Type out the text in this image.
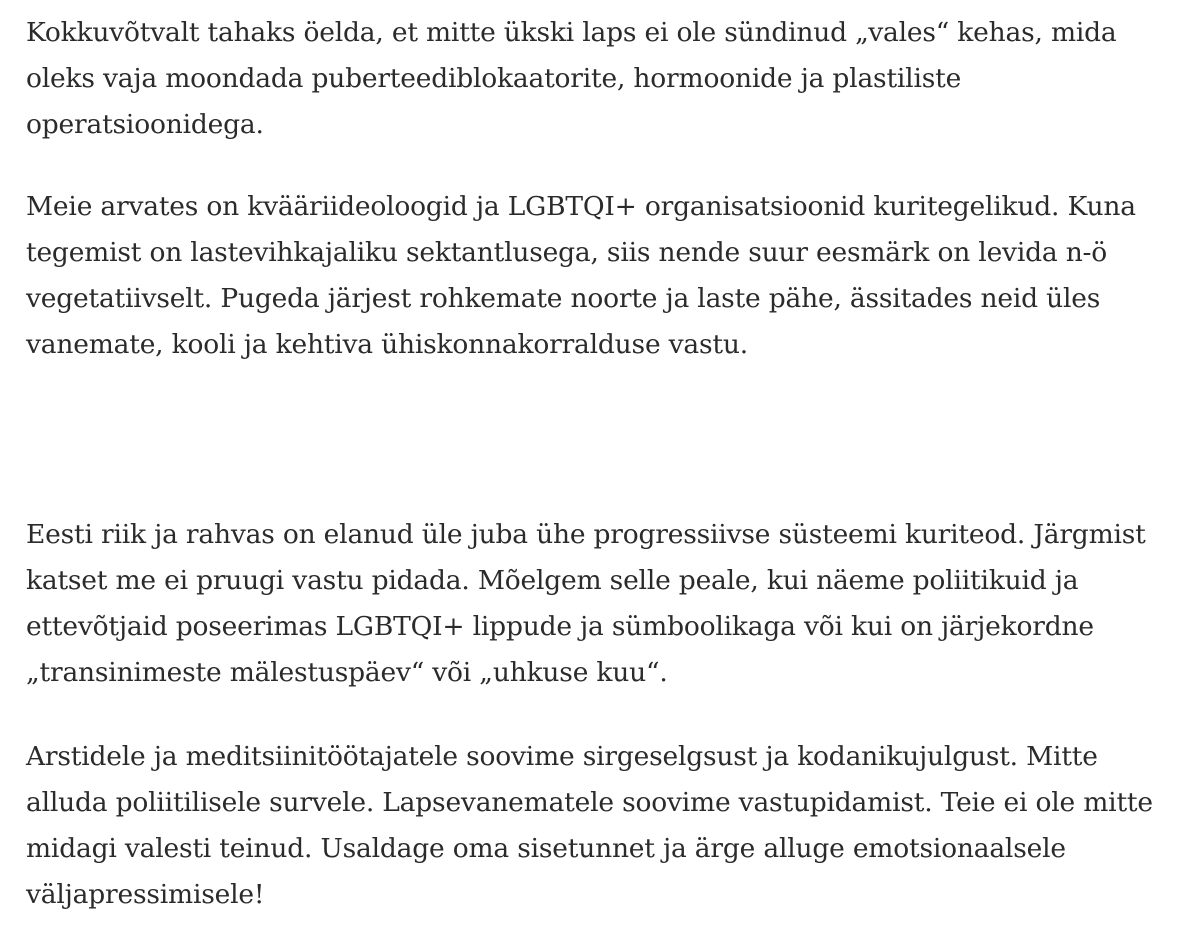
Kokkuvõtvalt tahaks öelda, et mitte ükski laps ei ole sündinud „vales“ kehas, mida oleks vaja moondada puberteediblokaatorite, hormoonide ja plastiliste operatsioonidega.

Meie arvates on kvääriideoloogid ja LGBTQI+ organisatsioonid kuritegelikud. Kuna tegemist on lastevihkajaliku sektantlusega, siis nende suur eesmärk on levida n-ö vegetatiivselt. Pugeda järjest rohkemate noorte ja laste pähe, ässitades neid üles vanemate, kooli ja kehtiva ühiskonnakorralduse vastu.

Eesti riik ja rahvas on elanud üle juba ühe progressiivse süsteemi kuriteod. Järgmist katset me ei pruugi vastu pidada. Mõelgem selle peale, kui näeme poliitikuid ja ettevõtjaid poseerimas LGBTQI+ lippude ja sümboolikaga või kui on järjekordne „transinimeste mälestuspäev“ või „uhkuse kuu“.

Arstidele ja meditsiinitöötajatele soovime sirgeselgsust ja kodanikujulgust. Mitte alluda poliitilisele survele. Lapsevanematele soovime vastupidamist. Teie ei ole mitte midagi valesti teinud. Usaldage oma sisetunnet ja ärge alluge emotsionaalsele väljapressimisele!
